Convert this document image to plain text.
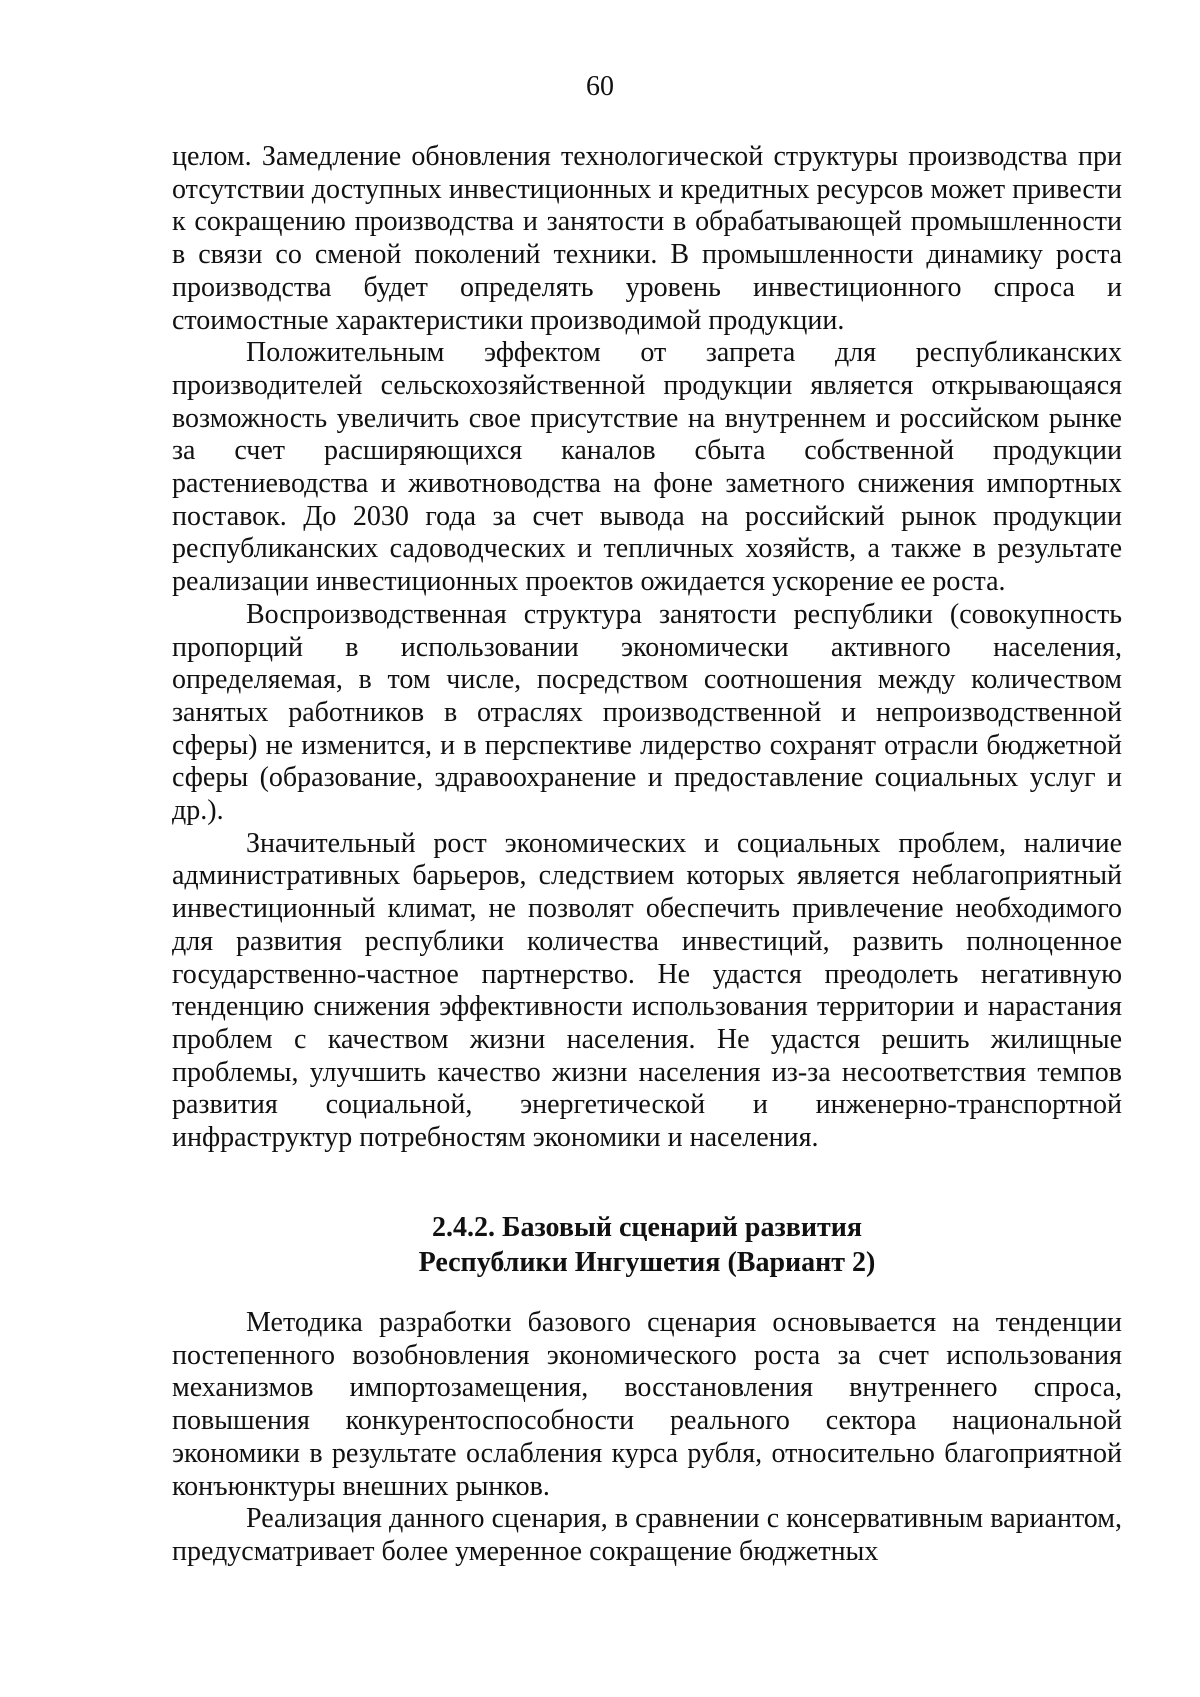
60

целом. Замедление обновления технологической структуры производства при отсутствии доступных инвестиционных и кредитных ресурсов может привести к сокращению производства и занятости в обрабатывающей промышленности в связи со сменой поколений техники. В промышленности динамику роста производства будет определять уровень инвестиционного спроса и стоимостные характеристики производимой продукции.

Положительным эффектом от запрета для республиканских производителей сельскохозяйственной продукции является открывающаяся возможность увеличить свое присутствие на внутреннем и российском рынке за счет расширяющихся каналов сбыта собственной продукции растениеводства и животноводства на фоне заметного снижения импортных поставок. До 2030 года за счет вывода на российский рынок продукции республиканских садоводческих и тепличных хозяйств, а также в результате реализации инвестиционных проектов ожидается ускорение ее роста.

Воспроизводственная структура занятости республики (совокупность пропорций в использовании экономически активного населения, определяемая, в том числе, посредством соотношения между количеством занятых работников в отраслях производственной и непроизводственной сферы) не изменится, и в перспективе лидерство сохранят отрасли бюджетной сферы (образование, здравоохранение и предоставление социальных услуг и др.).

Значительный рост экономических и социальных проблем, наличие административных барьеров, следствием которых является неблагоприятный инвестиционный климат, не позволят обеспечить привлечение необходимого для развития республики количества инвестиций, развить полноценное государственно-частное партнерство. Не удастся преодолеть негативную тенденцию снижения эффективности использования территории и нарастания проблем с качеством жизни населения. Не удастся решить жилищные проблемы, улучшить качество жизни населения из-за несоответствия темпов развития социальной, энергетической и инженерно-транспортной инфраструктур потребностям экономики и населения.

2.4.2. Базовый сценарий развития
Республики Ингушетия (Вариант 2)

Методика разработки базового сценария основывается на тенденции постепенного возобновления экономического роста за счет использования механизмов импортозамещения, восстановления внутреннего спроса, повышения конкурентоспособности реального сектора национальной экономики в результате ослабления курса рубля, относительно благоприятной конъюнктуры внешних рынков.

Реализация данного сценария, в сравнении с консервативным вариантом, предусматривает более умеренное сокращение бюджетных
